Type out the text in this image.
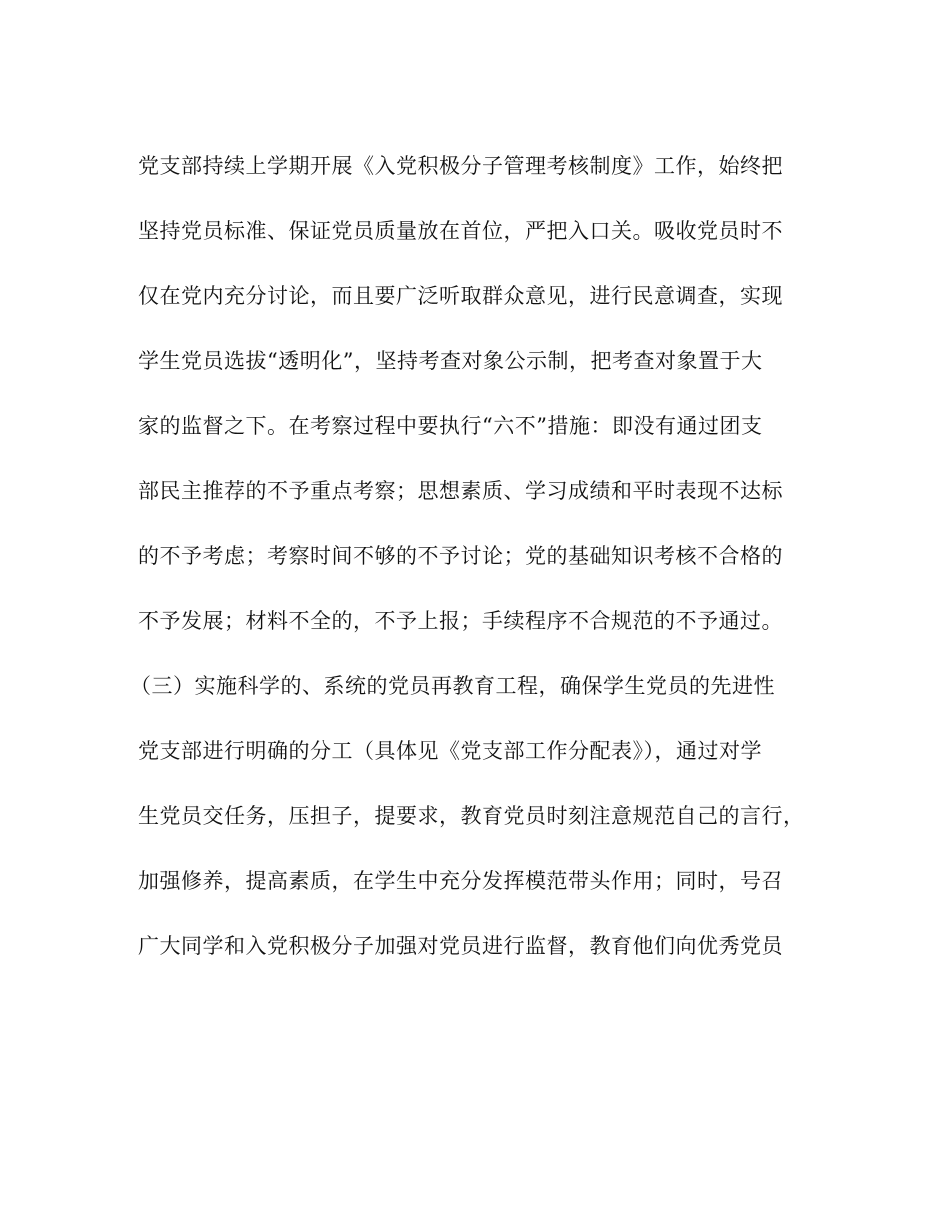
党支部持续上学期开展《入党积极分子管理考核制度》工作，始终把
坚持党员标准、保证党员质量放在首位，严把入口关。吸收党员时不
仅在党内充分讨论，而且要广泛听取群众意见，进行民意调查，实现
学生党员选拔“透明化”，坚持考查对象公示制，把考查对象置于大
家的监督之下。在考察过程中要执行“六不”措施：即没有通过团支
部民主推荐的不予重点考察；思想素质、学习成绩和平时表现不达标
的不予考虑；考察时间不够的不予讨论；党的基础知识考核不合格的
不予发展；材料不全的，不予上报；手续程序不合规范的不予通过。
（三）实施科学的、系统的党员再教育工程，确保学生党员的先进性
党支部进行明确的分工（具体见《党支部工作分配表》），通过对学
生党员交任务，压担子，提要求，教育党员时刻注意规范自己的言行，
加强修养，提高素质，在学生中充分发挥模范带头作用；同时，号召
广大同学和入党积极分子加强对党员进行监督，教育他们向优秀党员
